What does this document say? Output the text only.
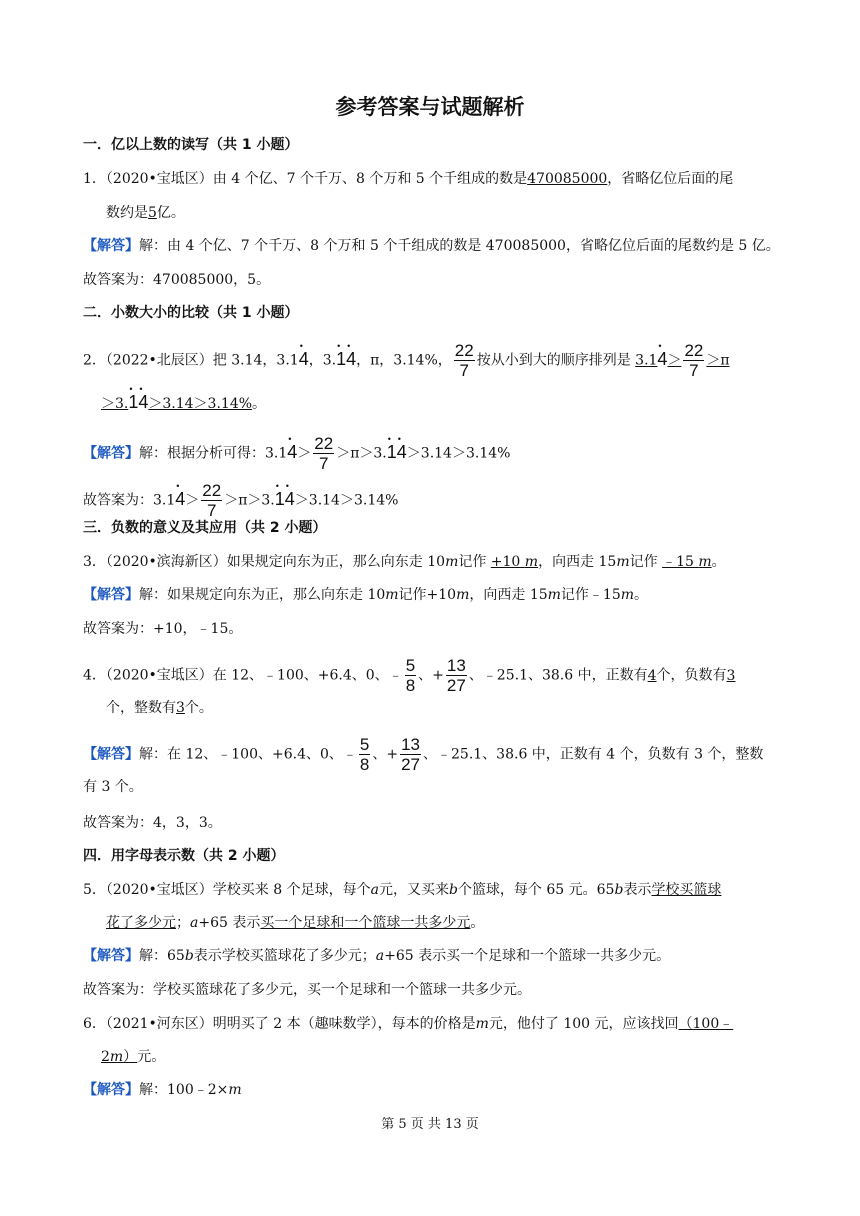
参考答案与试题解析
一．亿以上数的读写（共 1 小题）
1．（2020•宝坻区）由 4 个亿、7 个千万、8 个万和 5 个千组成的数是470085000，省略亿位后面的尾
数约是5亿。
【解答】解：由 4 个亿、7 个千万、8 个万和 5 个千组成的数是 470085000，省略亿位后面的尾数约是 5 亿。
故答案为：470085000，5。
二．小数大小的比较（共 1 小题）
2．（2022•北辰区）把 3.14，3.1• 4，3.• 1• 4，π，3.14%， $\frac{22}{7}$ 按从小到大的顺序排列是 3.1• $4> \frac{22}{7} >\pi$
＞3.• 1• 4＞3.14＞3.14%。
【解答】解：根据分析可得：3.1• $4> \frac{22}{7}$ ＞π＞3.• 1• 4＞3.14＞3.14%
故答案为：3.1• $4> \frac{22}{7}$ ＞π＞3.• 1• 4＞3.14＞3.14%
三．负数的意义及其应用（共 2 小题）
3．（2020•滨海新区）如果规定向东为正，那么向东走 10m记作 +10 m，向西走 15m记作 ﹣15 m。
【解答】解：如果规定向东为正，那么向东走 10m记作+10m，向西走 15m记作﹣15m。
故答案为：+10，﹣15。
4．（2020•宝坻区）在 12、﹣100、+6.4、0、﹣ $\frac{5}{8}$ 、+ $\frac{13}{27}$ 、﹣25.1、38.6 中，正数有4个，负数有3
个，整数有3个。
【解答】解：在 12、﹣100、+6.4、0、﹣ $\frac{5}{8}$ 、+ $\frac{13}{27}$ 、﹣25.1、38.6 中，正数有 4 个，负数有 3 个，整数
有 3 个。
故答案为：4，3，3。
四．用字母表示数（共 2 小题）
5．（2020•宝坻区）学校买来 8 个足球，每个a元，又买来b个篮球，每个 65 元。65b表示学校买篮球
花了多少元；a+65 表示买一个足球和一个篮球一共多少元。
【解答】解：65b表示学校买篮球花了多少元；a+65 表示买一个足球和一个篮球一共多少元。
故答案为：学校买篮球花了多少元，买一个足球和一个篮球一共多少元。
6．（2021•河东区）明明买了 2 本（趣味数学），每本的价格是m元，他付了 100 元，应该找回（100﹣
2m）元。
【解答】解：100﹣2×m
第 5 页 共 13 页
